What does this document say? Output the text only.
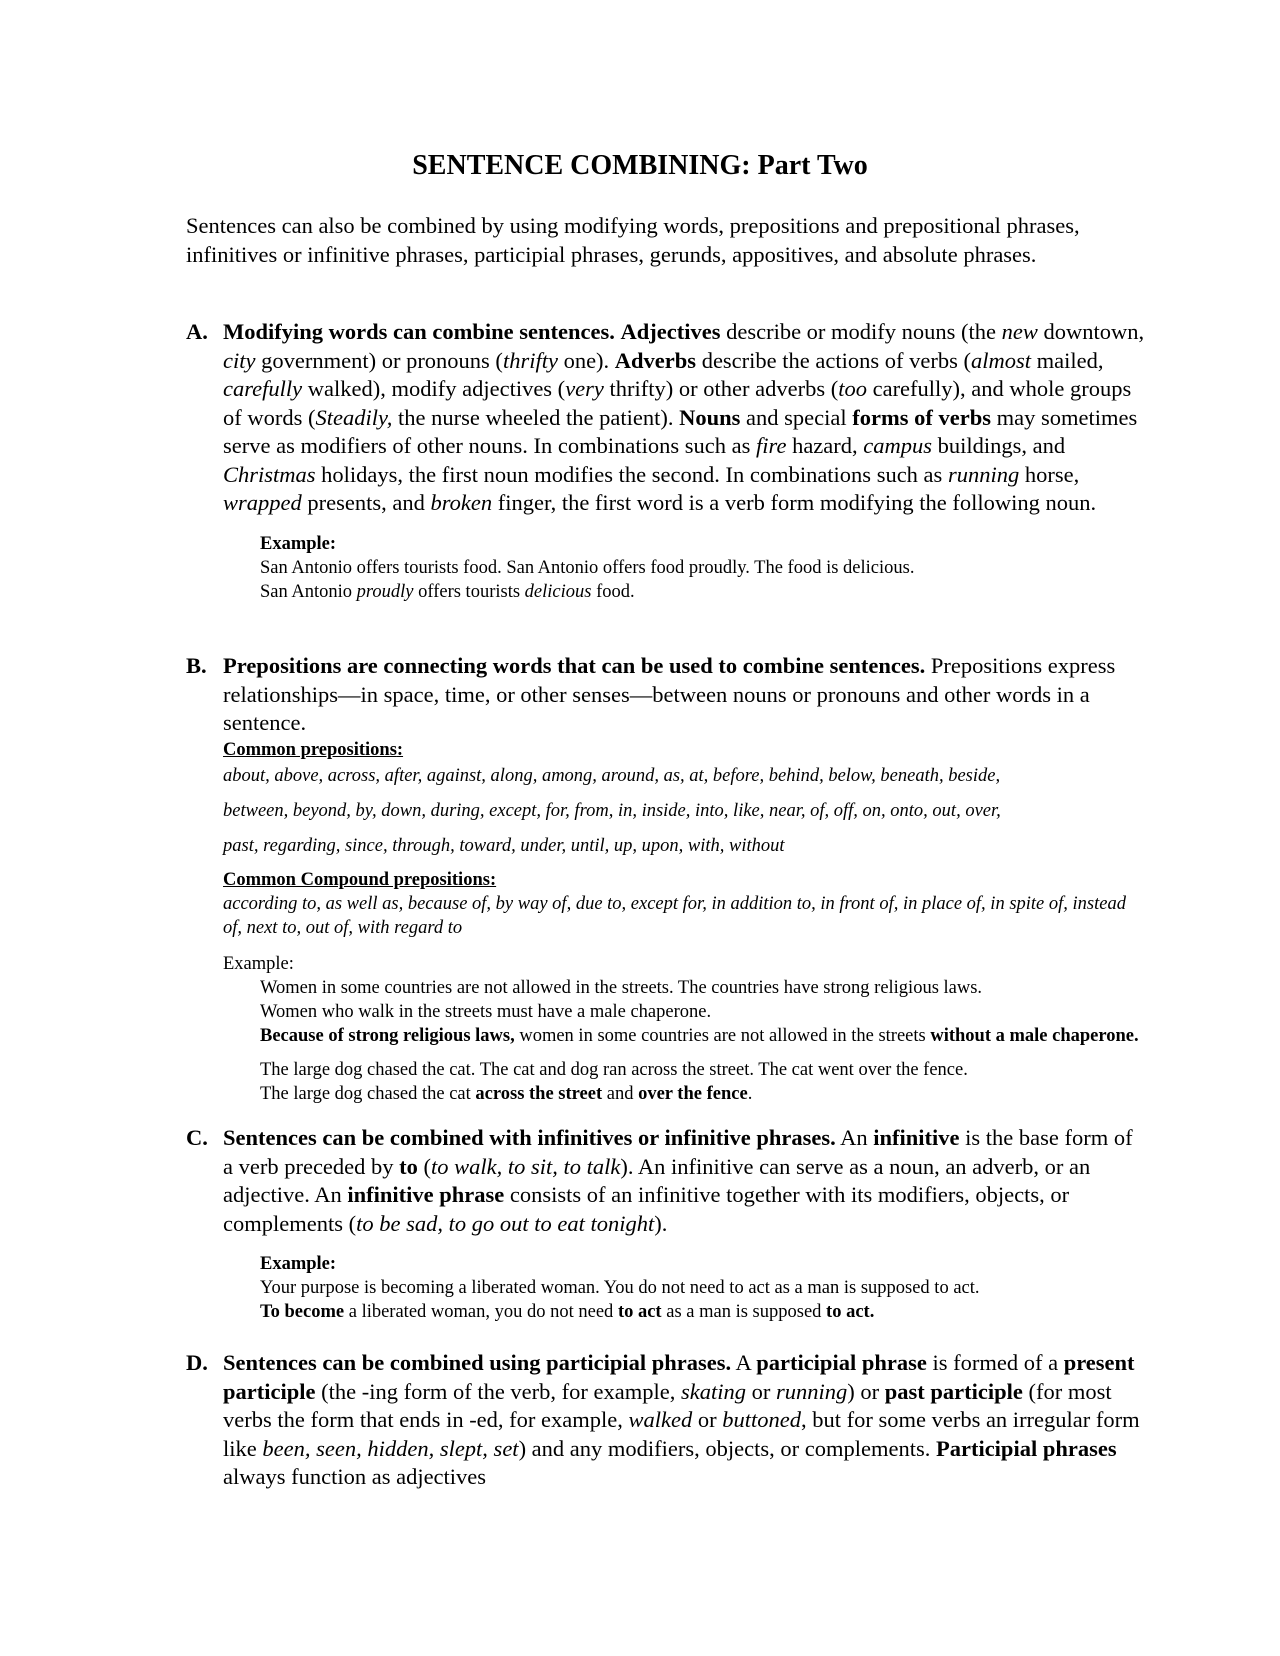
SENTENCE COMBINING: Part Two

Sentences can also be combined by using modifying words, prepositions and prepositional phrases, infinitives or infinitive phrases, participial phrases, gerunds, appositives, and absolute phrases.

A. Modifying words can combine sentences. Adjectives describe or modify nouns (the new downtown, city government) or pronouns (thrifty one). Adverbs describe the actions of verbs (almost mailed, carefully walked), modify adjectives (very thrifty) or other adverbs (too carefully), and whole groups of words (Steadily, the nurse wheeled the patient). Nouns and special forms of verbs may sometimes serve as modifiers of other nouns. In combinations such as fire hazard, campus buildings, and Christmas holidays, the first noun modifies the second. In combinations such as running horse, wrapped presents, and broken finger, the first word is a verb form modifying the following noun.

Example:

San Antonio offers tourists food. San Antonio offers food proudly. The food is delicious.

San Antonio proudly offers tourists delicious food.

B. Prepositions are connecting words that can be used to combine sentences. Prepositions express relationships—in space, time, or other senses—between nouns or pronouns and other words in a sentence.

Common prepositions:

about, above, across, after, against, along, among, around, as, at, before, behind, below, beneath, beside,

between, beyond, by, down, during, except, for, from, in, inside, into, like, near, of, off, on, onto, out, over,

past, regarding, since, through, toward, under, until, up, upon, with, without

Common Compound prepositions:

according to, as well as, because of, by way of, due to, except for, in addition to, in front of, in place of, in spite of, instead of, next to, out of, with regard to

Example:

Women in some countries are not allowed in the streets. The countries have strong religious laws.

Women who walk in the streets must have a male chaperone.

Because of strong religious laws, women in some countries are not allowed in the streets without a male chaperone.

The large dog chased the cat. The cat and dog ran across the street. The cat went over the fence.

The large dog chased the cat across the street and over the fence.

C. Sentences can be combined with infinitives or infinitive phrases. An infinitive is the base form of a verb preceded by to (to walk, to sit, to talk). An infinitive can serve as a noun, an adverb, or an adjective. An infinitive phrase consists of an infinitive together with its modifiers, objects, or complements (to be sad, to go out to eat tonight).

Example:

Your purpose is becoming a liberated woman. You do not need to act as a man is supposed to act.

To become a liberated woman, you do not need to act as a man is supposed to act.

D. Sentences can be combined using participial phrases. A participial phrase is formed of a present participle (the -ing form of the verb, for example, skating or running) or past participle (for most verbs the form that ends in -ed, for example, walked or buttoned, but for some verbs an irregular form like been, seen, hidden, slept, set) and any modifiers, objects, or complements. Participial phrases always function as adjectives
